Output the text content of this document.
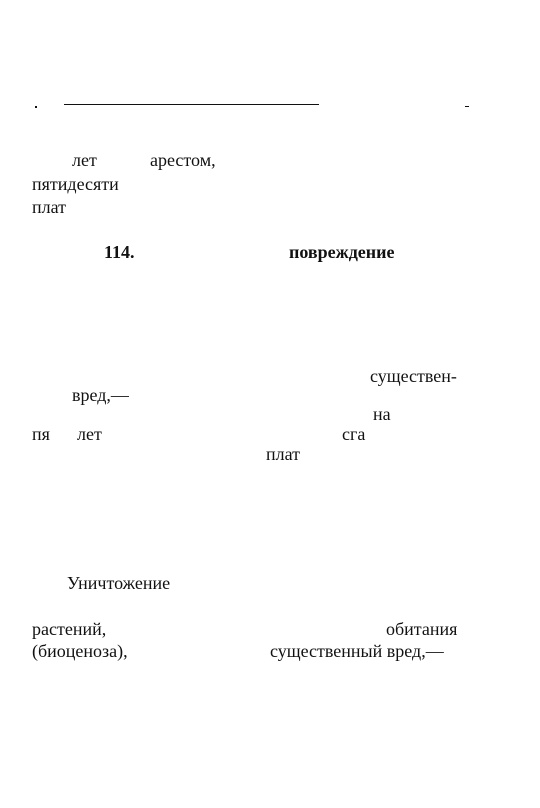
лет	арестом,
пятидесяти
плат
114.	повреждение
существен-
вред,—
на
пя лет	сга
плат
Уничтожение
растений,	обитания
(биоценоза),	существенный вред,—
